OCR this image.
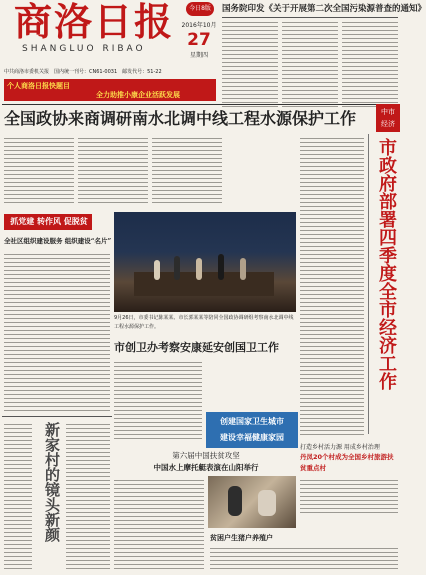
商洛日报
SHANGLUO RIBAO
今日8版
2016年10月
27
星期四
中共商洛市委机关报　国内统一刊号：CN61-0031　邮发代号：51-22
个人商洛日报快题目
全力助推小康企业活跃发展
国务院印发《关于开展第二次全国污染源普查的通知》
全国政协来商调研南水北调中线工程水源保护工作	中市经济
市政府部署四季度全市经济工作
抓党建 转作风 促脱贫
全社区组织建设服务 组织建设“名片”
9月26日，市委书记陈某某、市长郭某某等陪同全国政协调研组考察南水北调中线工程水源保护工作。
市创卫办考察安康延安创国卫工作
创建国家卫生城市
建设幸福健康家园
打造乡村活力源 用成乡村治理
丹凤20个村成为全国乡村旅游扶贫重点村
新家村的镜头新颜	第六届中国扶贫攻坚
中国水上摩托艇表演在山阳举行
贫困户生猪户养殖户
